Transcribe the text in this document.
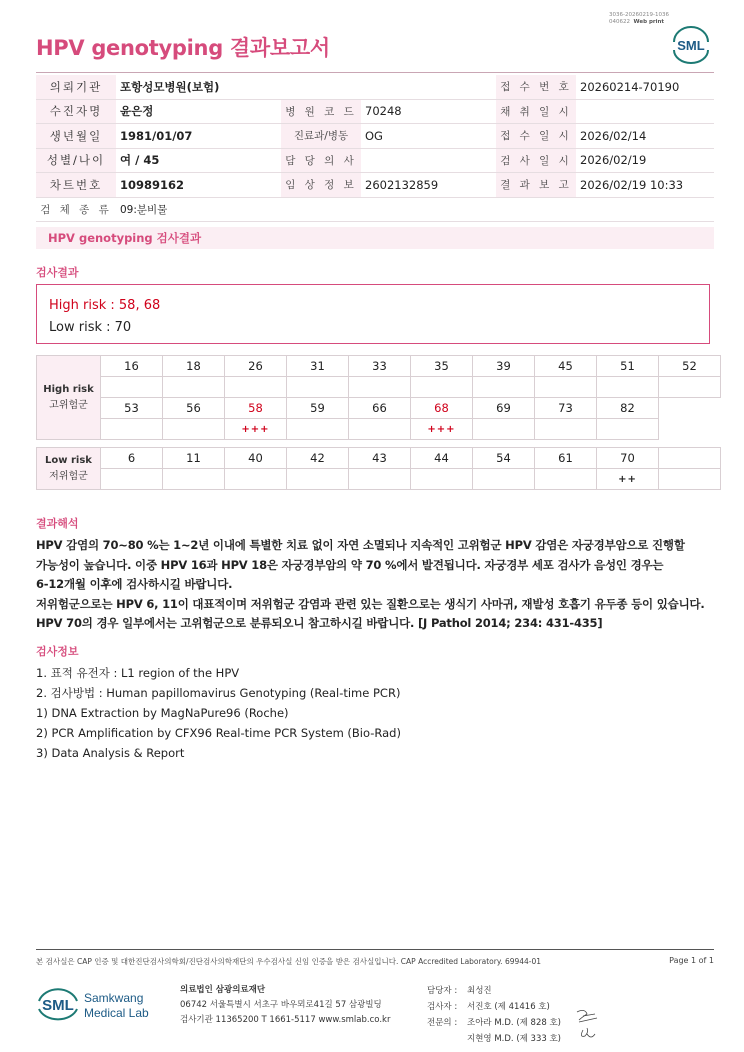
HPV genotyping 결과보고서
3036-20260219-1036
040622 Web print
SML
의뢰기관	포항성모병원(보험)			접 수 번 호	20260214-70190
수진자명	윤은정	병 원 코 드	70248	채 취 일 시	
생년월일	1981/01/07	진료과/병동	OG	접 수 일 시	2026/02/14
성별/나이	여 / 45	담 당 의 사		검 사 일 시	2026/02/19
차트번호	10989162	임 상 정 보	2602132859	결 과 보 고	2026/02/19 10:33
검 체 종 류	09:분비물				
HPV genotyping 검사결과
검사결과
High risk : 58, 68
Low risk : 70
High risk
고위험군	16	18	26	31	33	35	39	45	51	52

	53	56	58	59	66	68	69	73	82	
			+++			+++				
Low risk
저위험군	6	11	40	42	43	44	54	61	70	
									++	
결과해석
HPV 감염의 70~80 %는 1~2년 이내에 특별한 치료 없이 자연 소멸되나 지속적인 고위험군 HPV 감염은 자궁경부암으로 진행할
가능성이 높습니다. 이중 HPV 16과 HPV 18은 자궁경부암의 약 70 %에서 발견됩니다. 자궁경부 세포 검사가 음성인 경우는
6-12개월 이후에 검사하시길 바랍니다.
저위험군으로는 HPV 6, 11이 대표적이며 저위험군 감염과 관련 있는 질환으로는 생식기 사마귀, 재발성 호흡기 유두종 등이 있습니다.
HPV 70의 경우 일부에서는 고위험군으로 분류되오니 참고하시길 바랍니다. [J Pathol 2014; 234: 431-435]
검사정보
1. 표적 유전자 : L1 region of the HPV
2. 검사방법 : Human papillomavirus Genotyping (Real-time PCR)
1) DNA Extraction by MagNaPure96 (Roche)
2) PCR Amplification by CFX96 Real-time PCR System (Bio-Rad)
3) Data Analysis & Report
본 검사실은 CAP 인증 및 대한진단검사의학회/진단검사의학재단의 우수검사실 신임 인증을 받은 검사실입니다. CAP Accredited Laboratory. 69944-01	Page 1 of 1
SML Samkwang
Medical Lab
의료법인 삼광의료재단
06742 서울특별시 서초구 바우뫼로41길 57 삼광빌딩
검사기관 11365200 T 1661-5117 www.smlab.co.kr
담당자 : 최성진
검사자 : 서진호 (제 41416 호)
전문의 : 조아라 M.D. (제 828 호)
지현영 M.D. (제 333 호)
